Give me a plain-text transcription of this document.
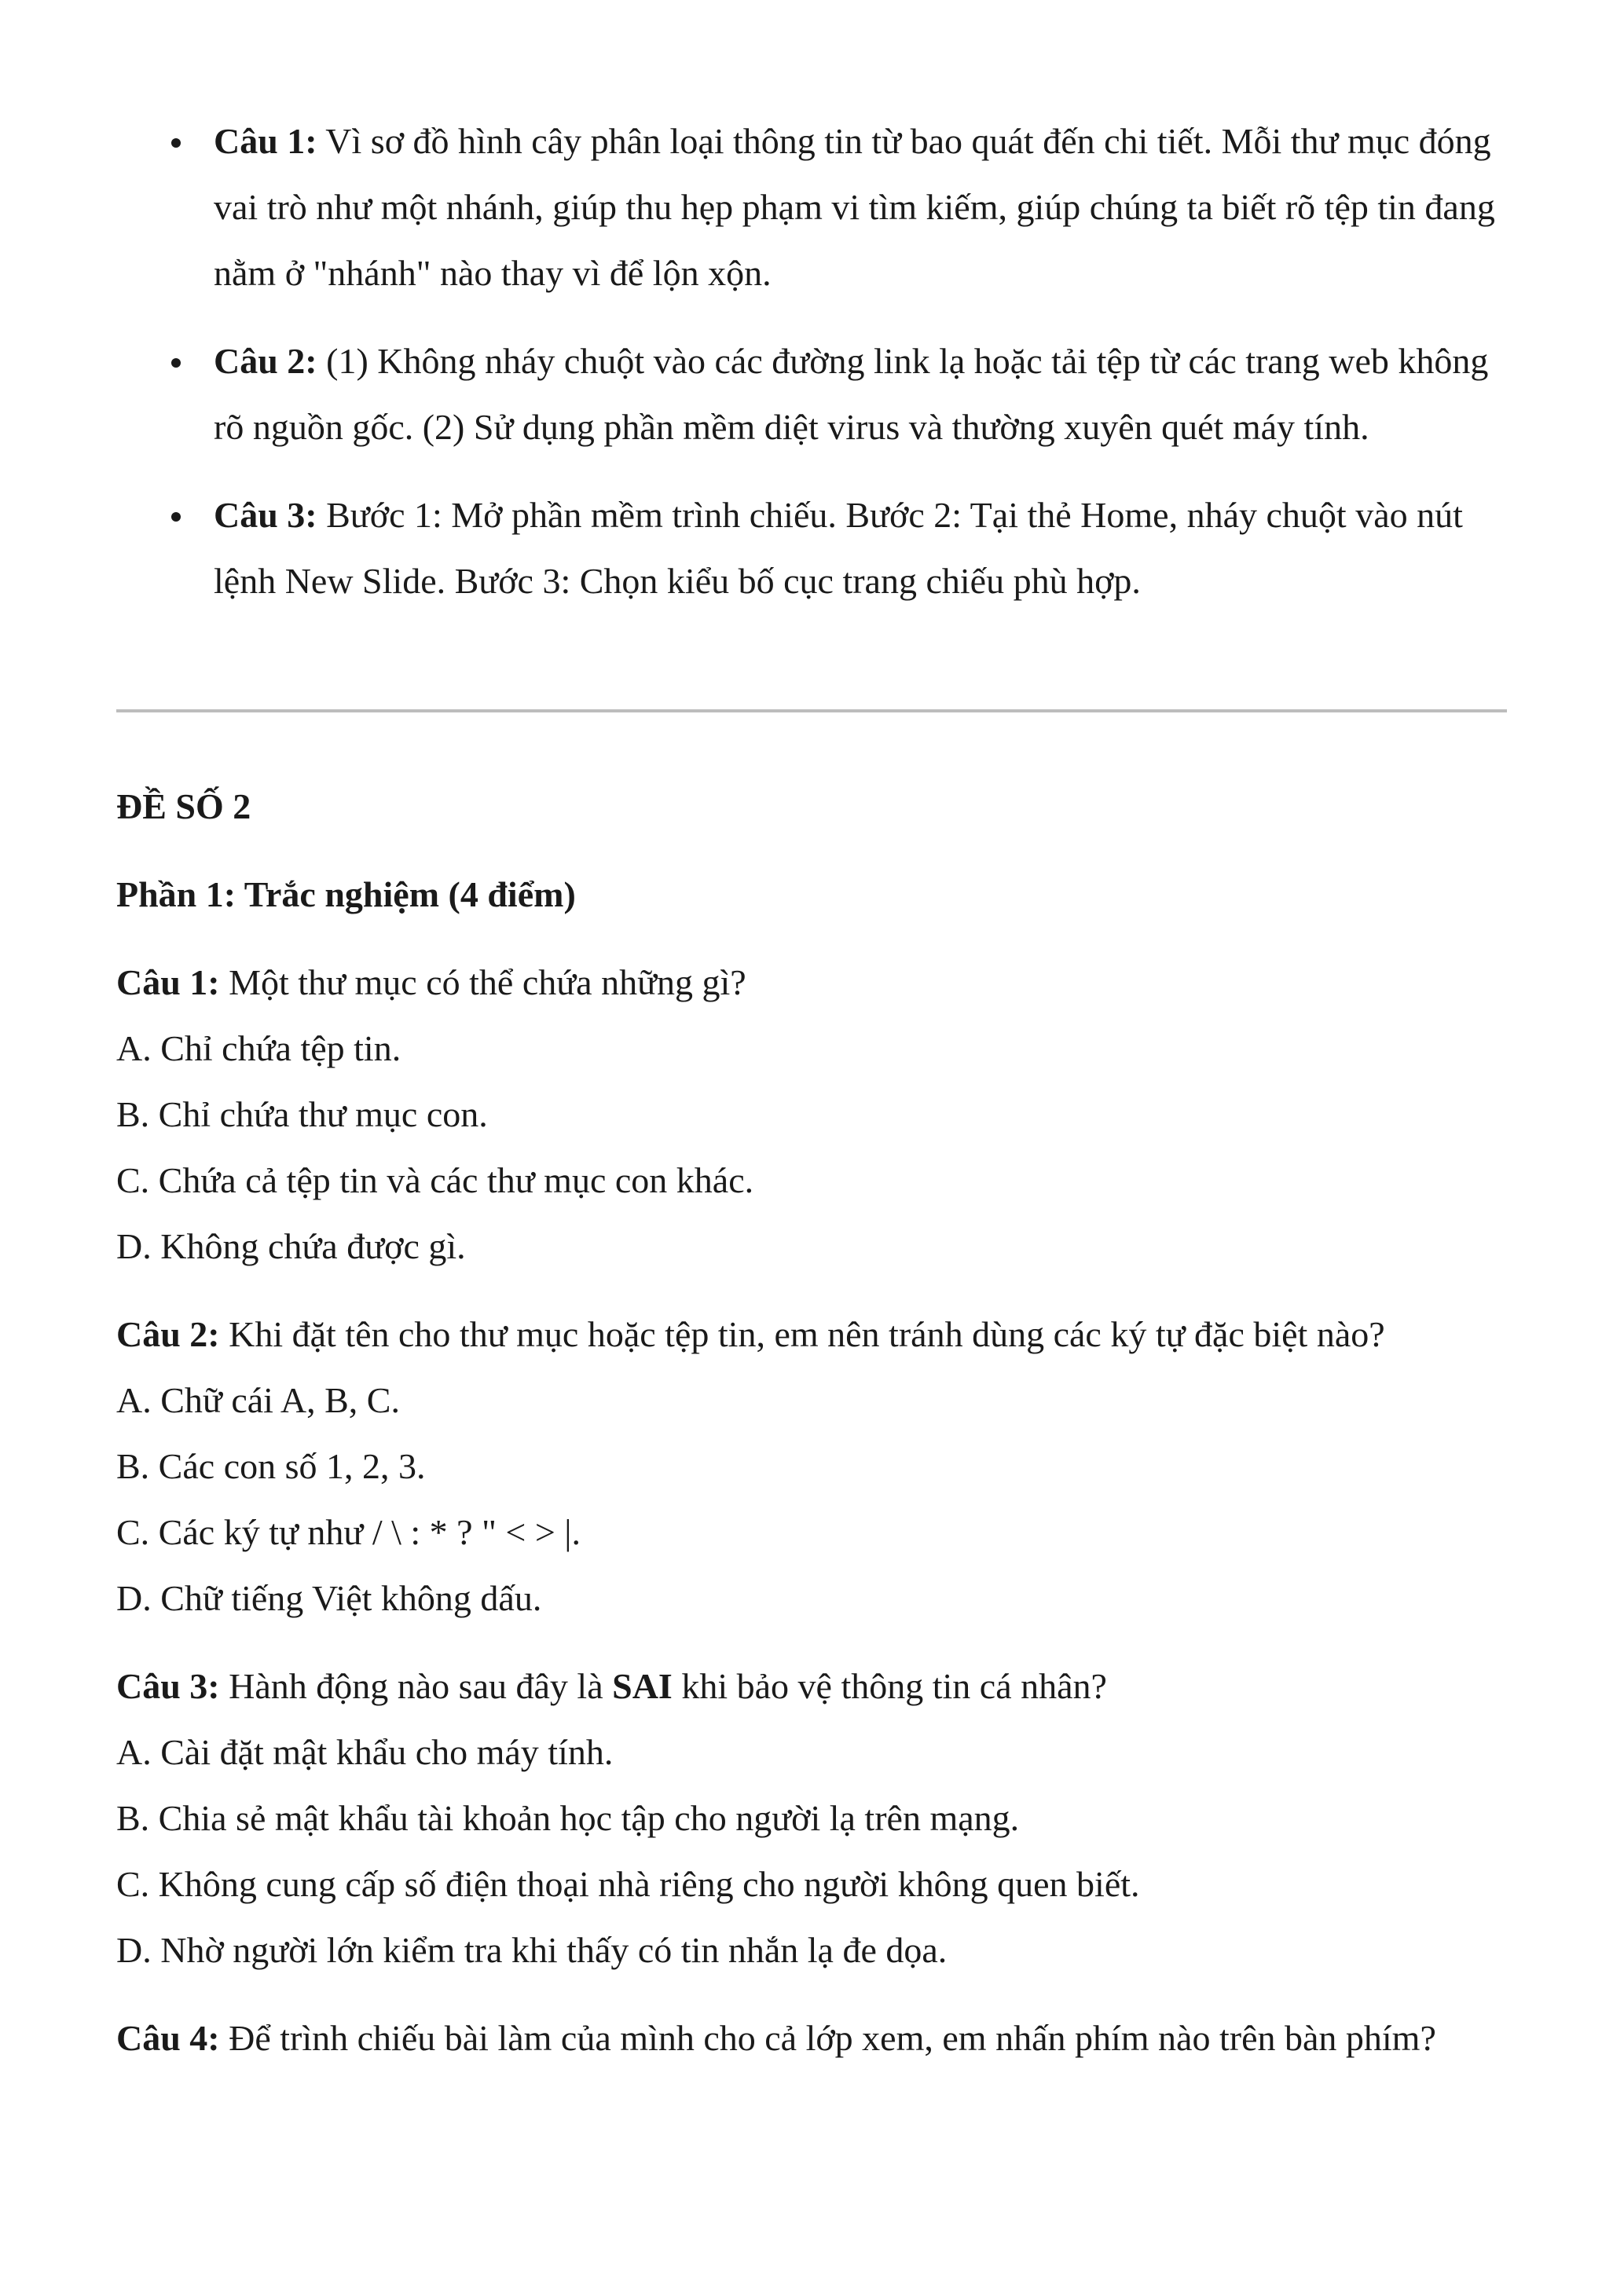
Câu 1: Vì sơ đồ hình cây phân loại thông tin từ bao quát đến chi tiết. Mỗi thư mục đóng vai trò như một nhánh, giúp thu hẹp phạm vi tìm kiếm, giúp chúng ta biết rõ tệp tin đang nằm ở "nhánh" nào thay vì để lộn xộn.
Câu 2: (1) Không nháy chuột vào các đường link lạ hoặc tải tệp từ các trang web không rõ nguồn gốc. (2) Sử dụng phần mềm diệt virus và thường xuyên quét máy tính.
Câu 3: Bước 1: Mở phần mềm trình chiếu. Bước 2: Tại thẻ Home, nháy chuột vào nút lệnh New Slide. Bước 3: Chọn kiểu bố cục trang chiếu phù hợp.
ĐỀ SỐ 2
Phần 1: Trắc nghiệm (4 điểm)
Câu 1: Một thư mục có thể chứa những gì?
A. Chỉ chứa tệp tin.
B. Chỉ chứa thư mục con.
C. Chứa cả tệp tin và các thư mục con khác.
D. Không chứa được gì.
Câu 2: Khi đặt tên cho thư mục hoặc tệp tin, em nên tránh dùng các ký tự đặc biệt nào?
A. Chữ cái A, B, C.
B. Các con số 1, 2, 3.
C. Các ký tự như / \ : * ? " < > |.
D. Chữ tiếng Việt không dấu.
Câu 3: Hành động nào sau đây là SAI khi bảo vệ thông tin cá nhân?
A. Cài đặt mật khẩu cho máy tính.
B. Chia sẻ mật khẩu tài khoản học tập cho người lạ trên mạng.
C. Không cung cấp số điện thoại nhà riêng cho người không quen biết.
D. Nhờ người lớn kiểm tra khi thấy có tin nhắn lạ đe dọa.
Câu 4: Để trình chiếu bài làm của mình cho cả lớp xem, em nhấn phím nào trên bàn phím?
